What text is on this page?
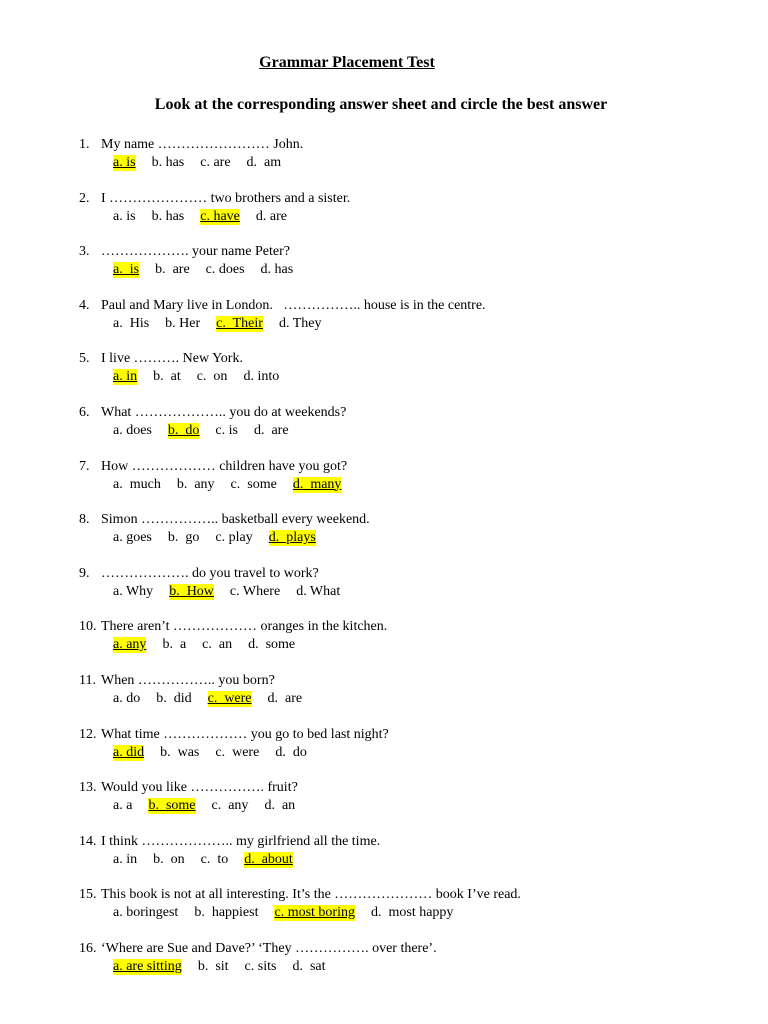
Grammar Placement Test
Look at the corresponding answer sheet and circle the best answer
1. My name …………………… John.
a. is b. has c. are d.  am
2. I ………………… two brothers and a sister.
a. is b. has c. have d. are
3. ………………. your name Peter?
a.  is b.  are c. does d. has
4. Paul and Mary live in London.   …………….. house is in the centre.
a.  His b. Her c.  Their d. They
5. I live ………. New York.
a. in b.  at c.  on d. into
6. What ……………….. you do at weekends?
a. does b.  do c. is d.  are
7. How ……………… children have you got?
a.  much b.  any c.  some d.  many
8. Simon …………….. basketball every weekend.
a. goes b.  go c. play d.  plays
9. ………………. do you travel to work?
a. Why b.  How c. Where d. What
10. There aren’t ……………… oranges in the kitchen.
a. any b.  a c.  an d.  some
11. When …………….. you born?
a. do b.  did c.  were d.  are
12. What time ……………… you go to bed last night?
a. did b.  was c.  were d.  do
13. Would you like ……………. fruit?
a. a b.  some c.  any d.  an
14. I think ……………….. my girlfriend all the time.
a. in b.  on c.  to d.  about
15. This book is not at all interesting. It’s the ………………… book I’ve read.
a. boringest b.  happiest c. most boring d.  most happy
16. ‘Where are Sue and Dave?’ ‘They ……………. over there’.
a. are sitting b.  sit c. sits d.  sat
